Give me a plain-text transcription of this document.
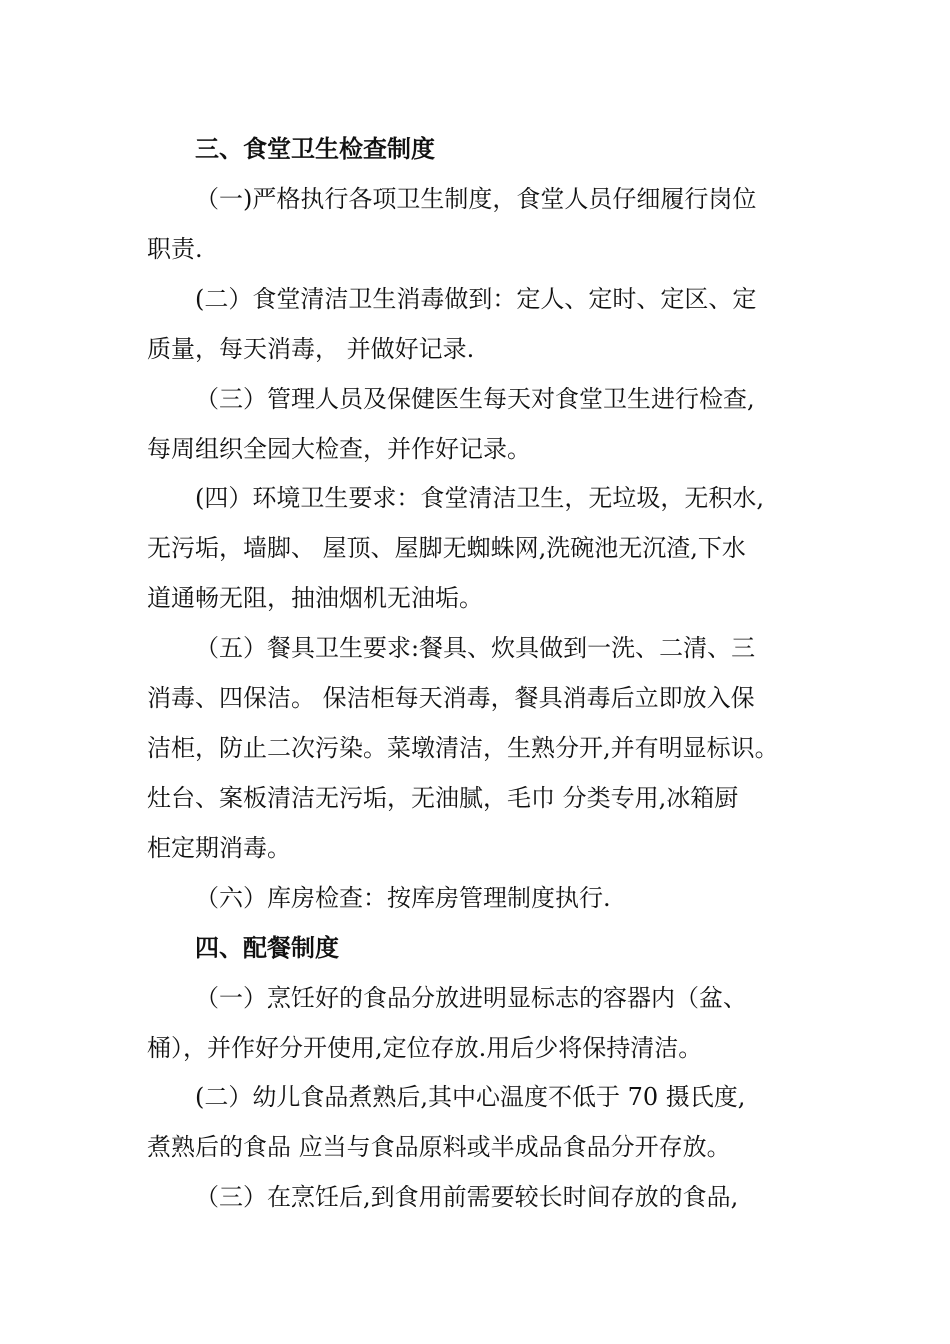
三、食堂卫生检查制度
（一)严格执行各项卫生制度，食堂人员仔细履行岗位
职责.
(二）食堂清洁卫生消毒做到：定人、定时、定区、定
质量，每天消毒， 并做好记录.
（三）管理人员及保健医生每天对食堂卫生进行检查,
每周组织全园大检查，并作好记录。
(四）环境卫生要求：食堂清洁卫生，无垃圾，无积水,
无污垢，墙脚、 屋顶、屋脚无蜘蛛网,洗碗池无沉渣,下水
道通畅无阻，抽油烟机无油垢。
（五）餐具卫生要求:餐具、炊具做到一洗、二清、三
消毒、四保洁。 保洁柜每天消毒，餐具消毒后立即放入保
洁柜，防止二次污染。菜墩清洁，生熟分开,并有明显标识。
灶台、案板清洁无污垢，无油腻，毛巾 分类专用,冰箱厨
柜定期消毒。
（六）库房检查：按库房管理制度执行.
四、配餐制度
（一）烹饪好的食品分放进明显标志的容器内（盆、
桶），并作好分开使用,定位存放.用后少将保持清洁。
(二）幼儿食品煮熟后,其中心温度不低于 70 摄氏度,
煮熟后的食品 应当与食品原料或半成品食品分开存放。
（三）在烹饪后,到食用前需要较长时间存放的食品,
